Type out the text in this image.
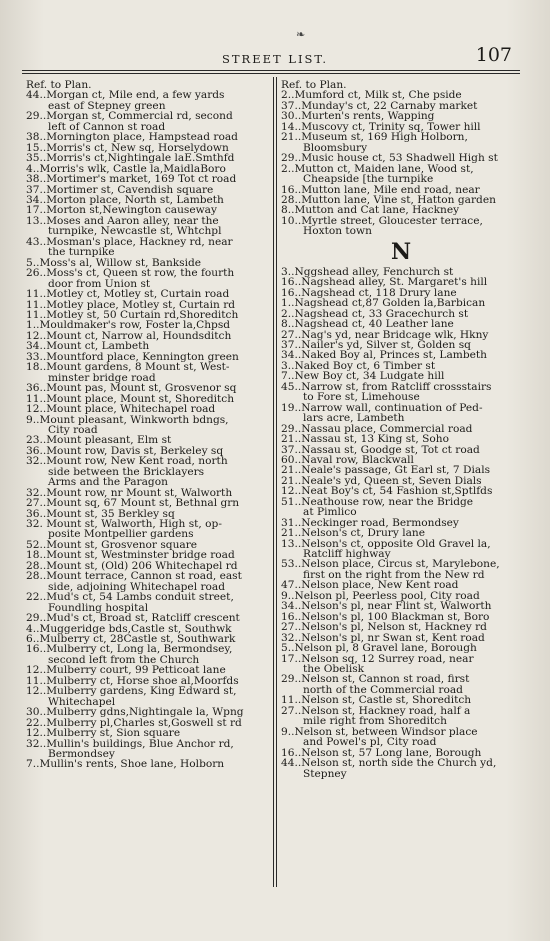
❧
STREET LIST.	107
Ref. to Plan.
44..Morgan ct, Mile end, a few yards
east of Stepney green
29..Morgan st, Commercial rd, second
left of Cannon st road
38..Mornington place, Hampstead road
15..Morris's ct, New sq, Horselydown
35..Morris's ct,Nightingale laE.Smthfd
4..Morris's wlk, Castle la,MaidlaBoro
38..Mortimer's market, 169 Tot ct road
37..Mortimer st, Cavendish square
34..Morton place, North st, Lambeth
17..Morton st,Newington causeway
13..Moses and Aaron alley, near the
turnpike, Newcastle st, Whtchpl
43..Mosman's place, Hackney rd, near
the turnpike
5..Moss's al, Willow st, Bankside
26..Moss's ct, Queen st row, the fourth
door from Union st
11..Motley ct, Motley st, Curtain road
11..Motley place, Motley st, Curtain rd
11..Motley st, 50 Curtain rd,Shoreditch
1..Mouldmaker's row, Foster la,Chpsd
12..Mount ct, Narrow al, Houndsditch
34..Mount ct, Lambeth
33..Mountford place, Kennington green
18..Mount gardens, 8 Mount st, West-
minster bridge road
36..Mount pas, Mount st, Grosvenor sq
11..Mount place, Mount st, Shoreditch
12..Mount place, Whitechapel road
9..Mount pleasant, Winkworth bdngs,
City road
23..Mount pleasant, Elm st
36..Mount row, Davis st, Berkeley sq
32..Mount row, New Kent road, north
side between the Bricklayers
Arms and the Paragon
32..Mount row, nr Mount st, Walworth
27..Mount sq, 67 Mount st, Bethnal grn
36..Mount st, 35 Berkley sq
32. Mount st, Walworth, High st, op-
posite Montpellier gardens
52..Mount st, Grosvenor square
18..Mount st, Westminster bridge road
28..Mount st, (Old) 206 Whitechapel rd
28..Mount terrace, Cannon st road, east
side, adjoining Whitechapel road
22..Mud's ct, 54 Lambs conduit street,
Foundling hospital
29..Mud's ct, Broad st, Ratcliff crescent
4..Muggeridge bds,Castle st, Southwk
6..Mulberry ct, 28Castle st, Southwark
16..Mulberry ct, Long la, Bermondsey,
second left from the Church
12..Mulberry court, 99 Petticoat lane
11..Mulberry ct, Horse shoe al,Moorfds
12..Mulberry gardens, King Edward st,
Whitechapel
30..Mulberry gdns,Nightingale la, Wpng
22..Mulberry pl,Charles st,Goswell st rd
12..Mulberry st, Sion square
32..Mullin's buildings, Blue Anchor rd,
Bermondsey
7..Mullin's rents, Shoe lane, Holborn
Ref. to Plan.
2..Mumford ct, Milk st, Che pside
37..Munday's ct, 22 Carnaby market
30..Murten's rents, Wapping
14..Muscovy ct, Trinity sq, Tower hill
21..Museum st, 169 High Holborn,
Bloomsbury
29..Music house ct, 53 Shadwell High st
2..Mutton ct, Maiden lane, Wood st,
Cheapside [the turnpike
16..Mutton lane, Mile end road, near
28..Mutton lane, Vine st, Hatton garden
8..Mutton and Cat lane, Hackney
10..Myrtle street, Gloucester terrace,
Hoxton town
N
3..Nggshead alley, Fenchurch st
16..Nagshead alley, St. Margaret's hill
16..Nagshead ct, 118 Drury lane
1..Nagshead ct,87 Golden la,Barbican
2..Nagshead ct, 33 Gracechurch st
8..Nagshead ct, 40 Leather lane
27..Nag's yd, near Bridcage wlk, Hkny
37..Nailer's yd, Silver st, Golden sq
34..Naked Boy al, Princes st, Lambeth
3..Naked Boy ct, 6 Timber st
7..New Boy ct, 34 Ludgate hill
45..Narrow st, from Ratcliff crossstairs
to Fore st, Limehouse
19..Narrow wall, continuation of Ped-
lars acre, Lambeth
29..Nassau place, Commercial road
21..Nassau st, 13 King st, Soho
37..Nassau st, Goodge st, Tot ct road
60..Naval row, Blackwall
21..Neale's passage, Gt Earl st, 7 Dials
21..Neale's yd, Queen st, Seven Dials
12..Neat Boy's ct, 54 Fashion st,Sptlfds
51..Neathouse row, near the Bridge
at Pimlico
31..Neckinger road, Bermondsey
21..Nelson's ct, Drury lane
13..Nelson's ct, opposite Old Gravel la,
Ratcliff highway
53..Nelson place, Circus st, Marylebone,
first on the right from the New rd
47..Nelson place, New Kent road
9..Nelson pl, Peerless pool, City road
34..Nelson's pl, near Flint st, Walworth
16..Nelson's pl, 100 Blackman st, Boro
27..Nelson's pl, Nelson st, Hackney rd
32..Nelson's pl, nr Swan st, Kent road
5..Nelson pl, 8 Gravel lane, Borough
17..Nelson sq, 12 Surrey road, near
the Obelisk
29..Nelson st, Cannon st road, first
north of the Commercial road
11..Nelson st, Castle st, Shoreditch
27..Nelson st, Hackney road, half a
mile right from Shoreditch
9..Nelson st, between Windsor place
and Powel's pl, City road
16..Nelson st, 57 Long lane, Borough
44..Nelson st, north side the Church yd,
Stepney
